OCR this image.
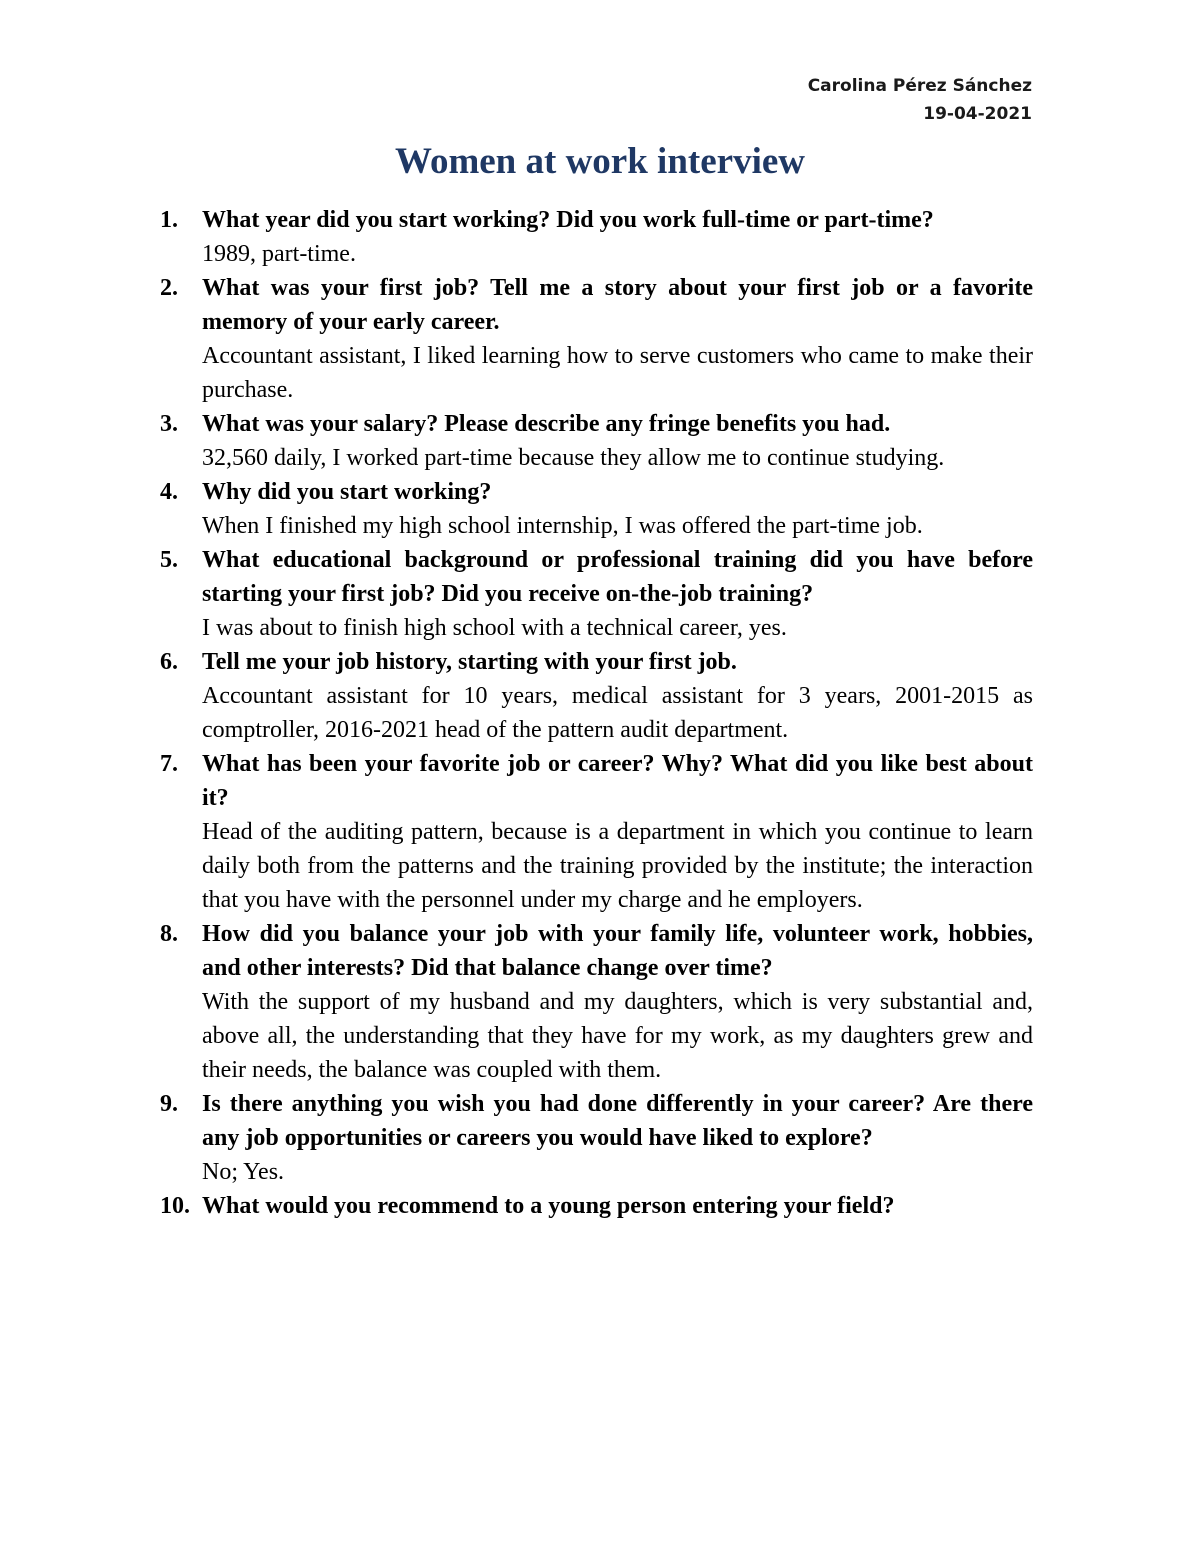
Carolina Pérez Sánchez
19-04-2021
Women at work interview
1.	What year did you start working? Did you work full-time or part-time?

1989, part-time.

2.	What was your first job? Tell me a story about your first job or a favorite memory of your early career.

Accountant assistant, I liked learning how to serve customers who came to make their purchase.

3.	What was your salary? Please describe any fringe benefits you had.

32,560 daily, I worked part-time because they allow me to continue studying.

4.	Why did you start working?

When I finished my high school internship, I was offered the part-time job.

5.	What educational background or professional training did you have before starting your first job? Did you receive on-the-job training?

I was about to finish high school with a technical career, yes.

6.	Tell me your job history, starting with your first job.

Accountant assistant for 10 years, medical assistant for 3 years, 2001-2015 as comptroller, 2016-2021 head of the pattern audit department.

7.	What has been your favorite job or career? Why? What did you like best about it?

Head of the auditing pattern, because is a department in which you continue to learn daily both from the patterns and the training provided by the institute; the interaction that you have with the personnel under my charge and he employers.

8.	How did you balance your job with your family life, volunteer work, hobbies, and other interests? Did that balance change over time?

With the support of my husband and my daughters, which is very substantial and, above all, the understanding that they have for my work, as my daughters grew and their needs, the balance was coupled with them.

9.	Is there anything you wish you had done differently in your career? Are there any job opportunities or careers you would have liked to explore?

No; Yes.

10. What would you recommend to a young person entering your field?
